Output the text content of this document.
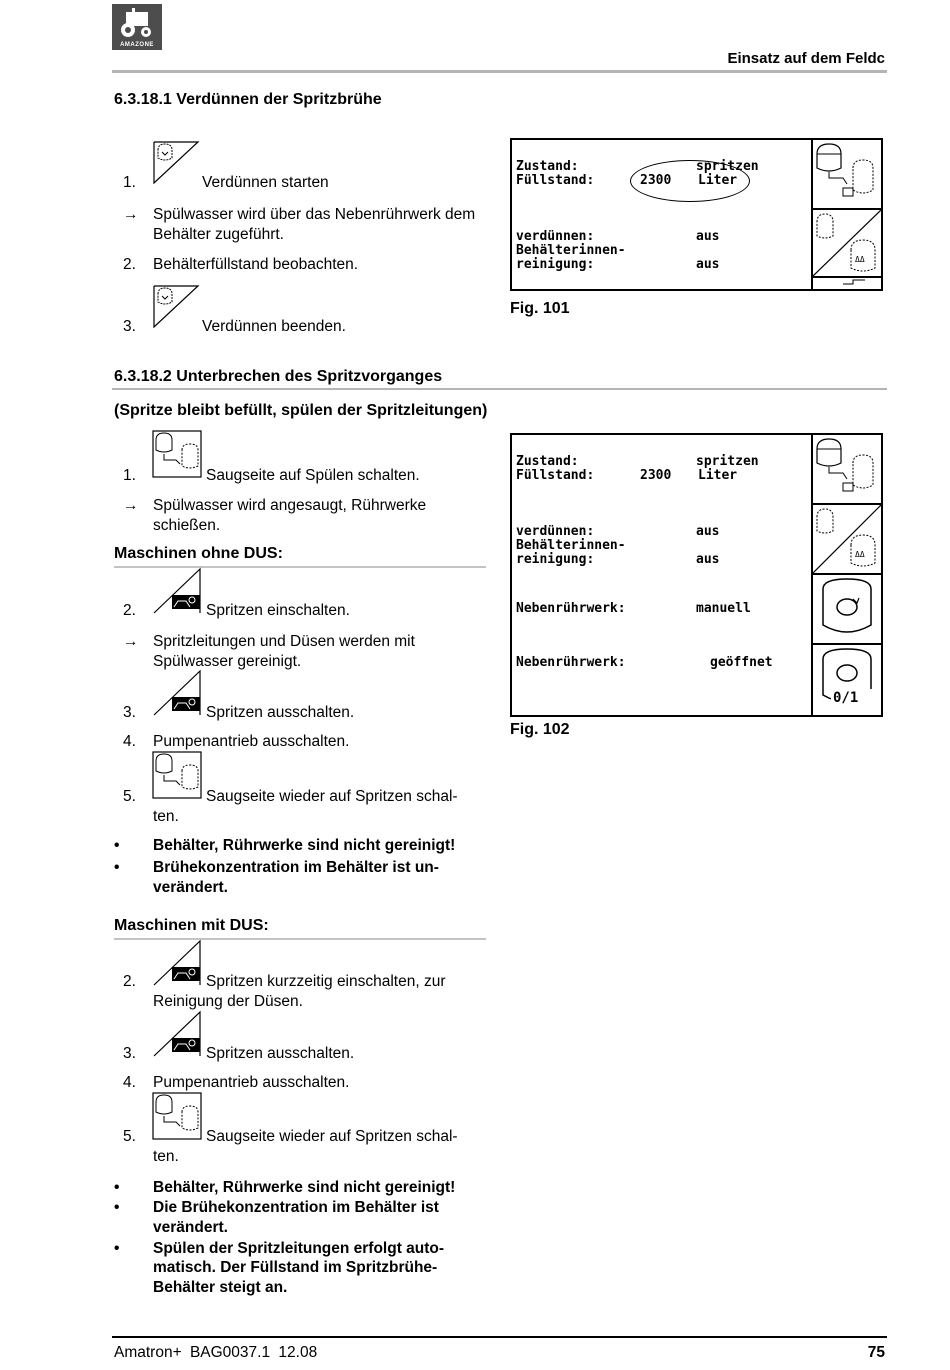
AMAZONE
Einsatz auf dem Feldc
6.3.18.1 Verdünnen der Spritzbrühe
1.	Verdünnen starten
→ Spülwasser wird über das Nebenrührwerk dem Behälter zugeführt.
2. Behälterfüllstand beobachten.
3.	Verdünnen beenden.
Zustand:	spritzen
Füllstand:	2300 Liter
verdünnen:	aus
Behälterinnen-
reinigung:	aus	ΔΔ
Fig. 101
6.3.18.2 Unterbrechen des Spritzvorganges
(Spritze bleibt befüllt, spülen der Spritzleitungen)
1.	Saugseite auf Spülen schalten.
→ Spülwasser wird angesaugt, Rührwerke schießen.
Maschinen ohne DUS:
2.	Spritzen einschalten.
→ Spritzleitungen und Düsen werden mit Spülwasser gereinigt.
3.	Spritzen ausschalten.
4. Pumpenantrieb ausschalten.
5.	Saugseite wieder auf Spritzen schal-
ten.
• Behälter, Rührwerke sind nicht gereinigt!
• Brühekonzentration im Behälter ist un-
verändert.
Maschinen mit DUS:
2.	Spritzen kurzzeitig einschalten, zur
Reinigung der Düsen.
3.	Spritzen ausschalten.
4. Pumpenantrieb ausschalten.
5.	Saugseite wieder auf Spritzen schal-
ten.
• Behälter, Rührwerke sind nicht gereinigt!
• Die Brühekonzentration im Behälter ist
verändert.
• Spülen der Spritzleitungen erfolgt auto-
matisch. Der Füllstand im Spritzbrühe-
Behälter steigt an.
Zustand:	spritzen
Füllstand:	2300 Liter
verdünnen:	aus
Behälterinnen-
reinigung:	aus
Nebenrührwerk:	manuell
Nebenrührwerk:	geöffnet
ΔΔ
0/1
Fig. 102
Amatron+ BAG0037.1 12.08	75
